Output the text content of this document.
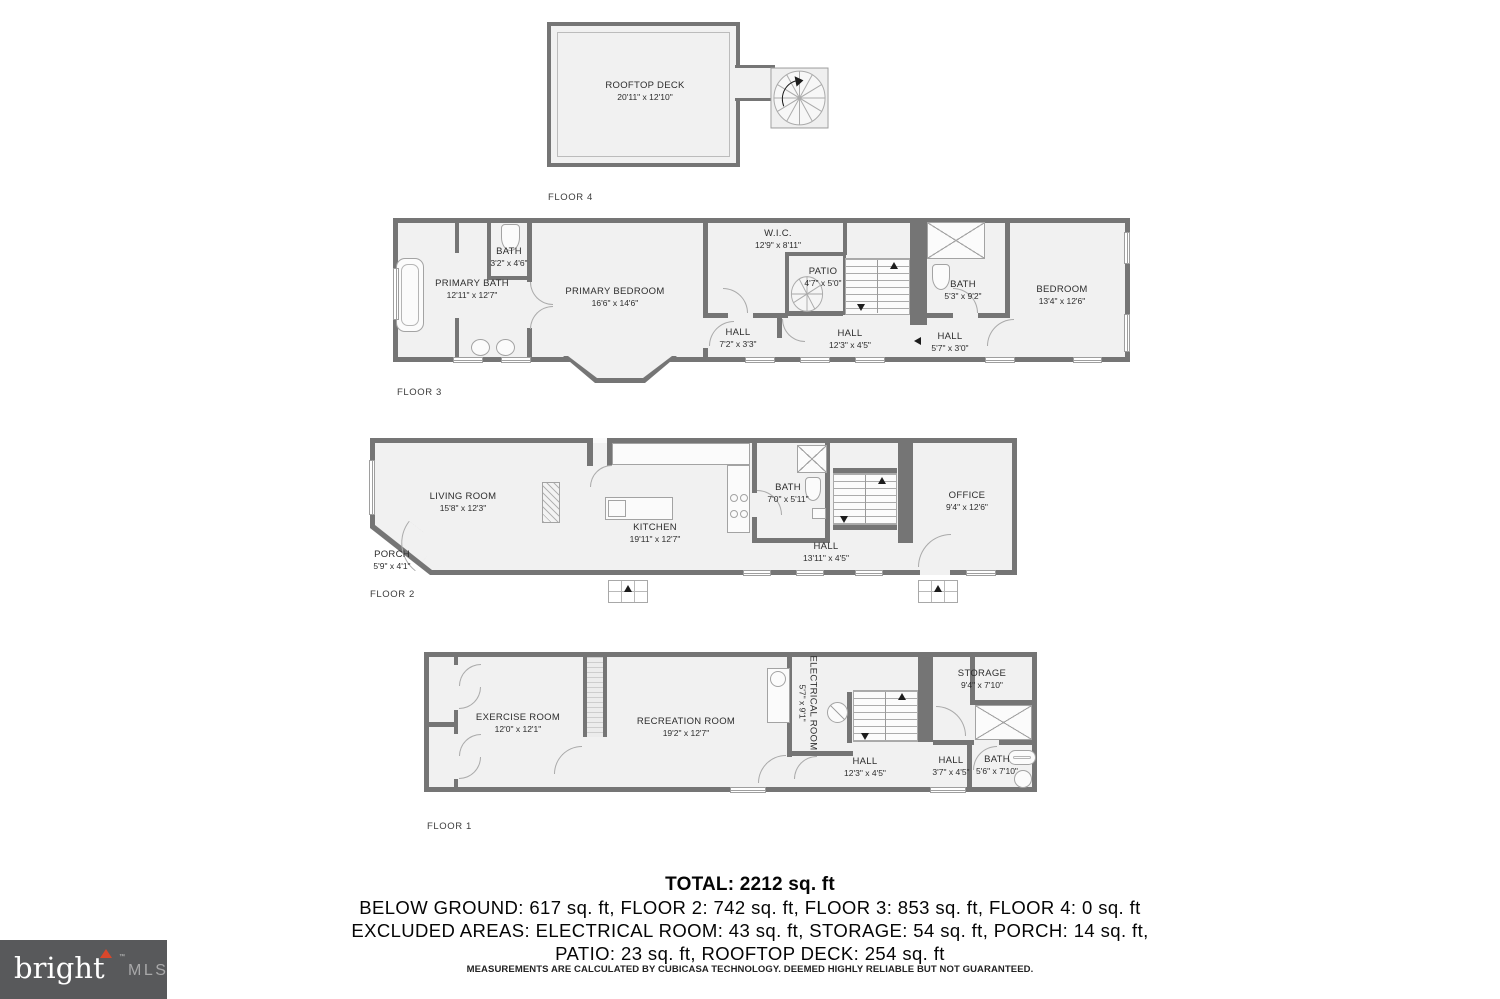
ROOFTOP DECK
20'11" x 12'10"
PRIMARY BATH
12'11" x 12'7"
BATH
3'2" x 4'6"
PRIMARY BEDROOM
16'6" x 14'6"
W.I.C.
12'9" x 8'11"
PATIO
4'7" x 5'0"
HALL
7'2" x 3'3"
HALL
12'3" x 4'5"
BATH
5'3" x 9'2"
HALL
5'7" x 3'0"
BEDROOM
13'4" x 12'6"
LIVING ROOM
15'8" x 12'3"
PORCH
5'9" x 4'1"
KITCHEN
19'11" x 12'7"
BATH
7'0" x 5'11"
HALL
13'11" x 4'5"
OFFICE
9'4" x 12'6"
EXERCISE ROOM
12'0" x 12'1"
RECREATION ROOM
19'2" x 12'7"	ELECTRICAL ROOM
5'7" x 9'1"
HALL
12'3" x 4'5"
STORAGE
9'4" x 7'10"
HALL
3'7" x 4'5"
BATH
5'6" x 7'10"
FLOOR 4
FLOOR 3
FLOOR 2
FLOOR 1
TOTAL: 2212 sq. ft
BELOW GROUND: 617 sq. ft, FLOOR 2: 742 sq. ft, FLOOR 3: 853 sq. ft, FLOOR 4: 0 sq. ft
EXCLUDED AREAS: ELECTRICAL ROOM: 43 sq. ft, STORAGE: 54 sq. ft, PORCH: 14 sq. ft,
PATIO: 23 sq. ft, ROOFTOP DECK: 254 sq. ft
MEASUREMENTS ARE CALCULATED BY CUBICASA TECHNOLOGY. DEEMED HIGHLY RELIABLE BUT NOT GUARANTEED.
bright ™
MLS
